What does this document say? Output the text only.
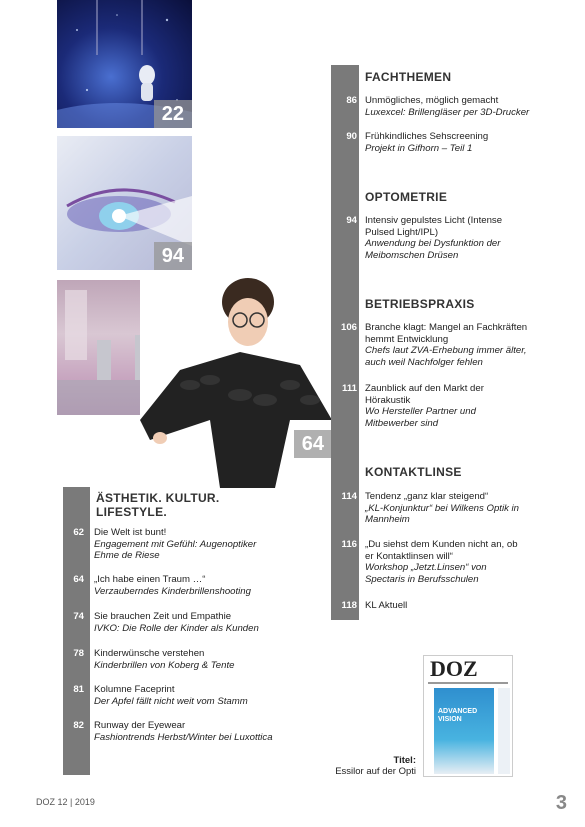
22
94
64
FACHTHEMEN
86 Unmögliches, möglich gemacht
Luxexcel: Brillengläser per 3D-Drucker
90 Frühkindliches Sehscreening
Projekt in Gifhorn – Teil 1
OPTOMETRIE
94 Intensiv gepulstes Licht (Intense Pulsed Light/IPL)
Anwendung bei Dysfunktion der Meibomschen Drüsen
BETRIEBSPRAXIS
106 Branche klagt: Mangel an Fachkräften hemmt Entwicklung
Chefs laut ZVA-Erhebung immer älter, auch weil Nachfolger fehlen
111 Zaunblick auf den Markt der Hörakustik
Wo Hersteller Partner und Mitbewerber sind
KONTAKTLINSE
114 Tendenz „ganz klar steigend“
„KL-Konjunktur“ bei Wilkens Optik in Mannheim
116 „Du siehst dem Kunden nicht an, ob er Kontaktlinsen will“
Workshop „Jetzt.Linsen“ von Spectaris in Berufsschulen
118 KL Aktuell
ÄSTHETIK. KULTUR. LIFESTYLE.
62 Die Welt ist bunt!
Engagement mit Gefühl: Augenoptiker Ehme de Riese
64 „Ich habe einen Traum …“
Verzauberndes Kinderbrillenshooting
74 Sie brauchen Zeit und Empathie
IVKO: Die Rolle der Kinder als Kunden
78 Kinderwünsche verstehen
Kinderbrillen von Koberg & Tente
81 Kolumne Faceprint
Der Apfel fällt nicht weit vom Stamm
82 Runway der Eyewear
Fashiontrends Herbst/Winter bei Luxottica
DOZ
ADVANCED VISION
Titel:
Essilor auf der Opti
DOZ 12 | 2019	3
